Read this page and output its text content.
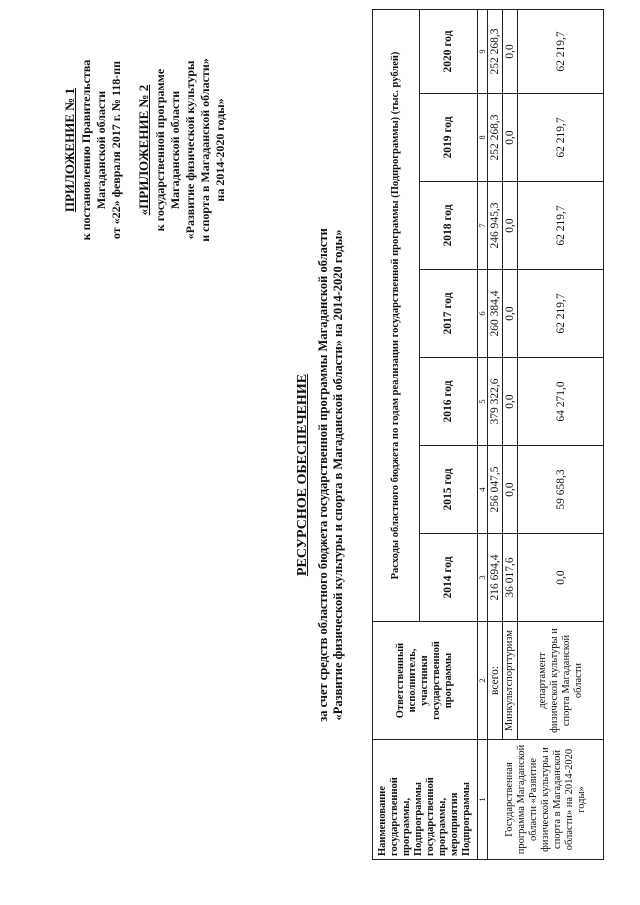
ПРИЛОЖЕНИЕ № 1 к постановлению Правительства Магаданской области от «22» февраля 2017 г. № 118-пп «ПРИЛОЖЕНИЕ № 2 к государственной программе Магаданской области «Развитие физической культуры и спорта в Магаданской области» на 2014-2020 годы»
РЕСУРСНОЕ ОБЕСПЕЧЕНИЕ за счет средств областного бюджета государственной программы Магаданской области «Развитие физической культуры и спорта в Магаданской области» на 2014-2020 годы»
Наименование государственной программы, Подпрограммы государственной программы, мероприятия Подпрограммы	Ответственный исполнитель, участники государственной программы	Расходы областного бюджета по годам реализации государственной программы (Подпрограммы) (тыс. рублей)						
		2014 год	2015 год	2016 год	2017 год	2018 год	2019 год	2020 год
1	2	3	4	5	6	7	8	9
Государственная программа Магаданской области «Развитие физической культуры и спорта в Магаданской области» на 2014-2020 годы»	всего:	216 694,4	256 047,5	379 322,6	260 384,4	246 945,3	252 268,3	252 268,3
	Минкультспорттуризм	36 017,6	0,0	0,0	0,0	0,0	0,0	0,0
	департамент физической культуры и спорта Магаданской области	0,0	59 658,3	64 271,0	62 219,7	62 219,7	62 219,7	62 219,7
